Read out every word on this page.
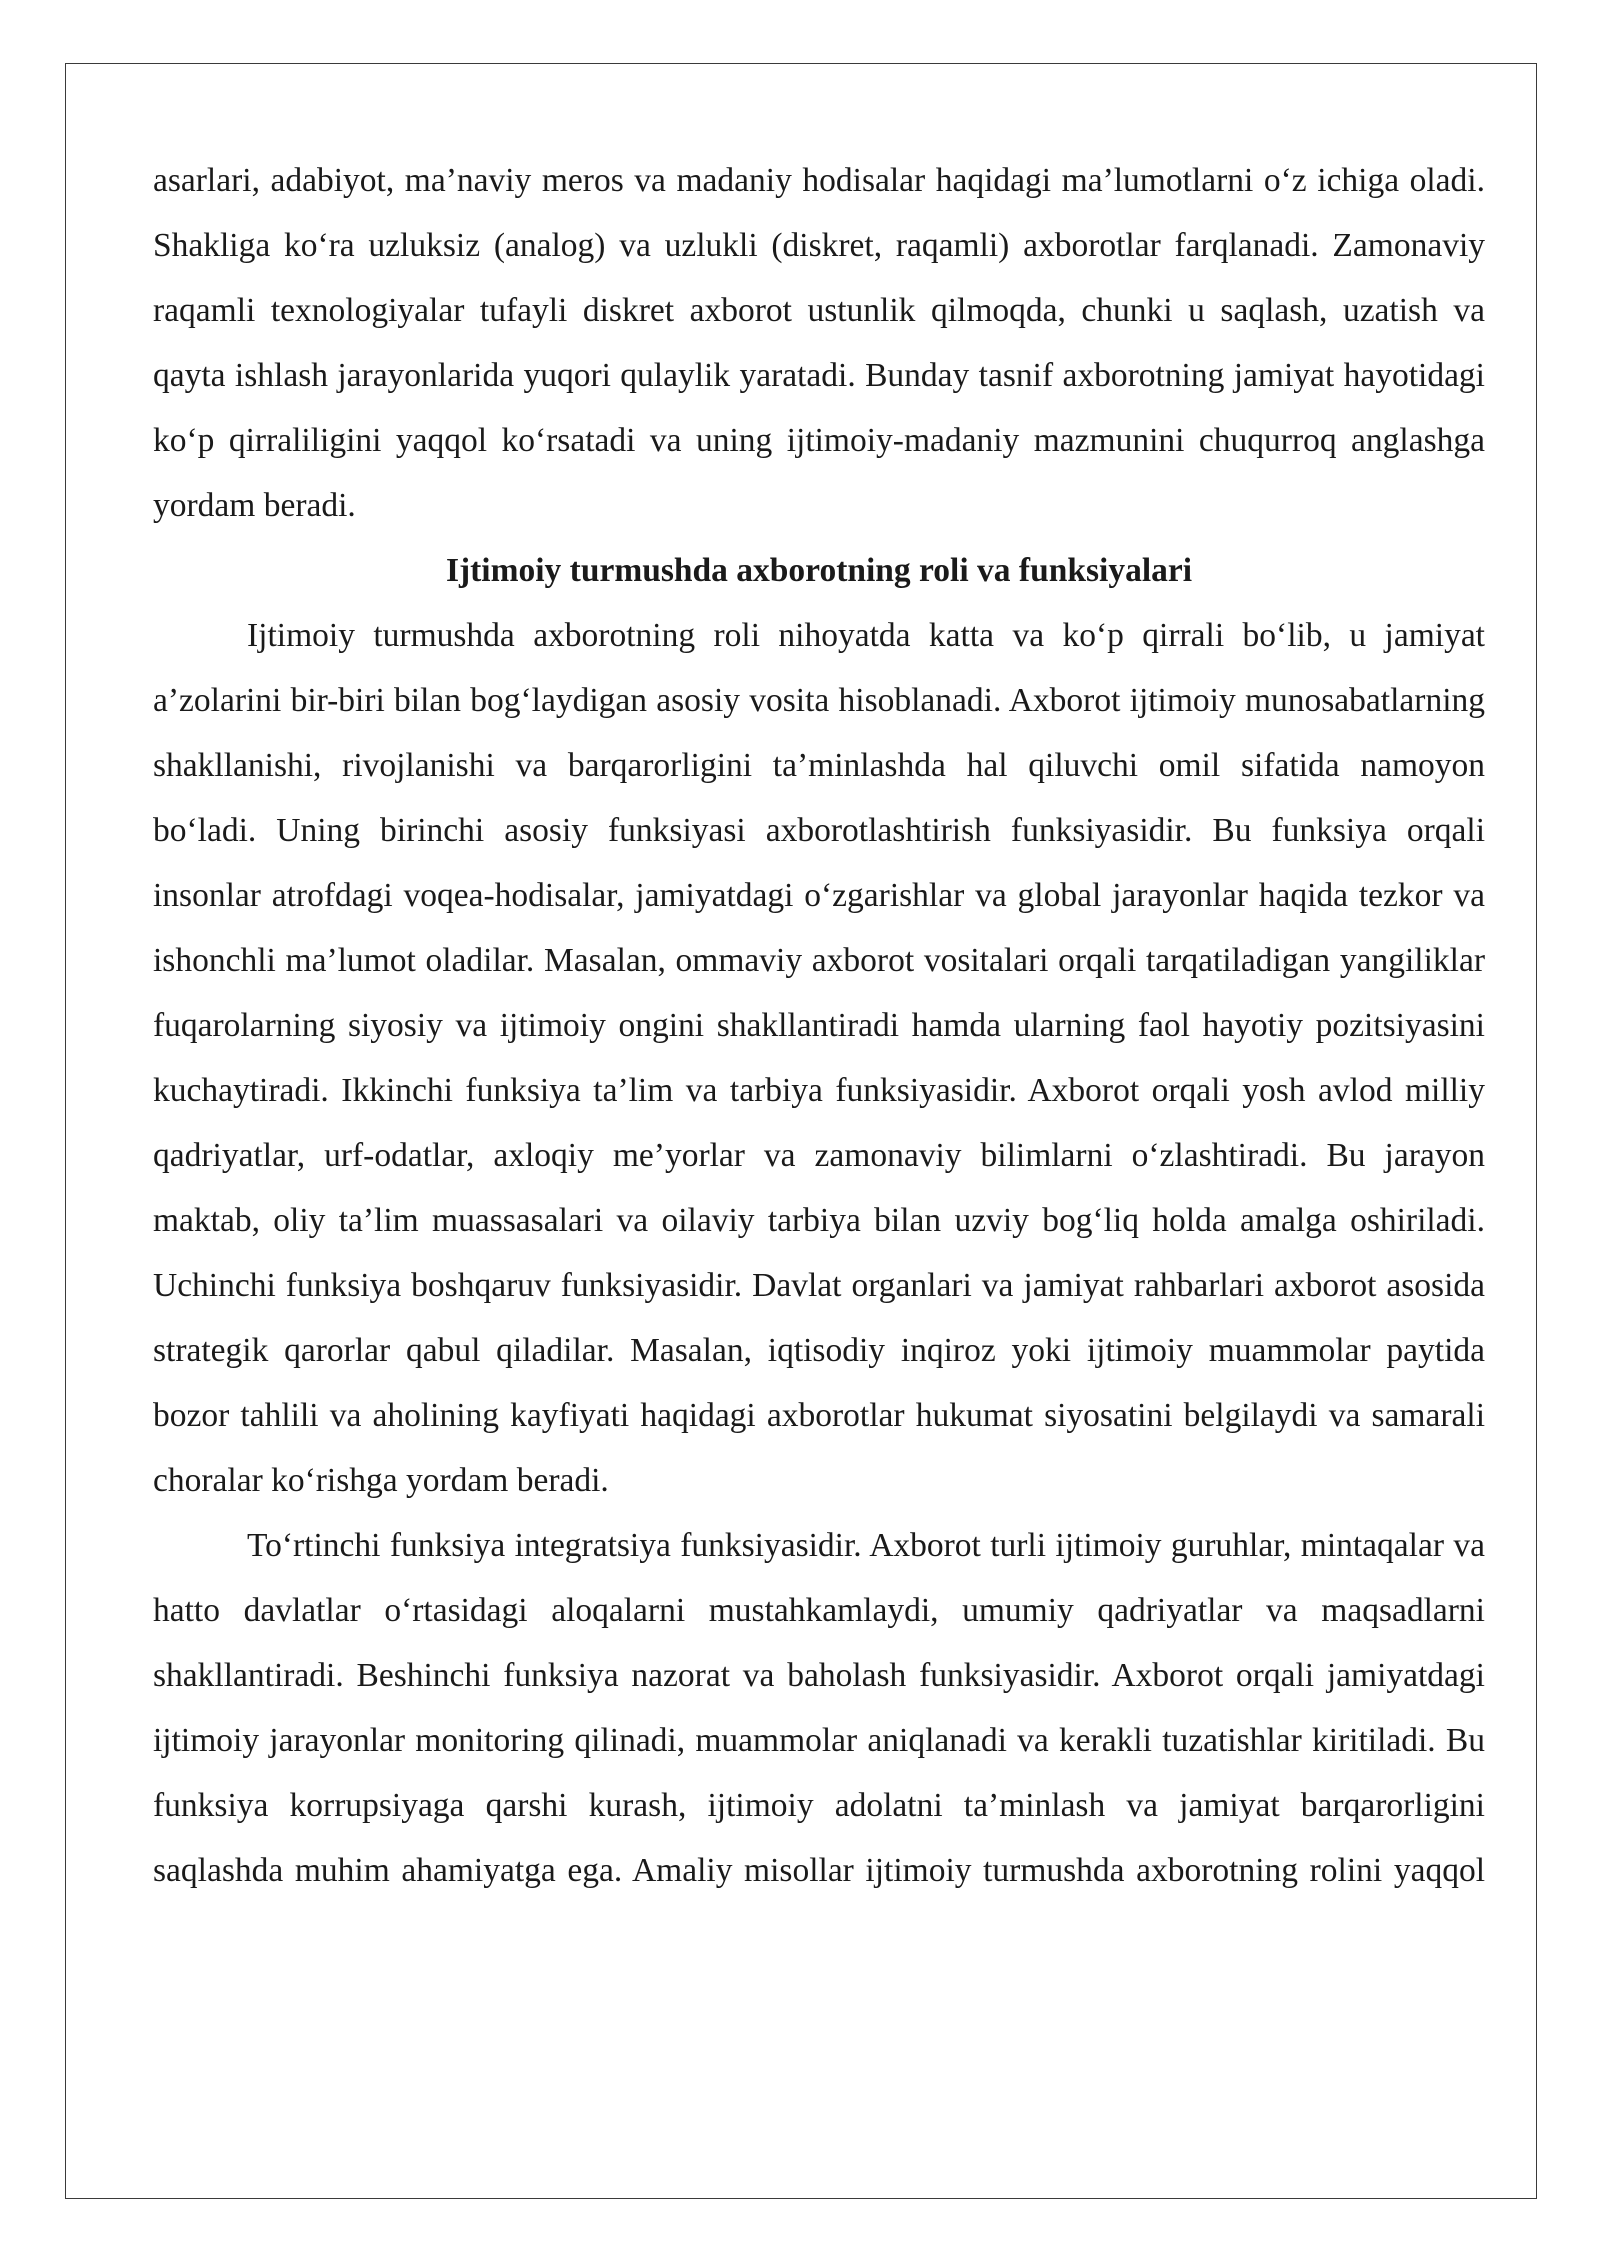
asarlari, adabiyot, ma’naviy meros va madaniy hodisalar haqidagi ma’lumotlarni o‘z ichiga oladi. Shakliga ko‘ra uzluksiz (analog) va uzlukli (diskret, raqamli) axborotlar farqlanadi. Zamonaviy raqamli texnologiyalar tufayli diskret axborot ustunlik qilmoqda, chunki u saqlash, uzatish va qayta ishlash jarayonlarida yuqori qulaylik yaratadi. Bunday tasnif axborotning jamiyat hayotidagi ko‘p qirraliligini yaqqol ko‘rsatadi va uning ijtimoiy-madaniy mazmunini chuqurroq anglashga yordam beradi.

Ijtimoiy turmushda axborotning roli va funksiyalari

Ijtimoiy turmushda axborotning roli nihoyatda katta va ko‘p qirrali bo‘lib, u jamiyat a’zolarini bir-biri bilan bog‘laydigan asosiy vosita hisoblanadi. Axborot ijtimoiy munosabatlarning shakllanishi, rivojlanishi va barqarorligini ta’minlashda hal qiluvchi omil sifatida namoyon bo‘ladi. Uning birinchi asosiy funksiyasi axborotlashtirish funksiyasidir. Bu funksiya orqali insonlar atrofdagi voqea-hodisalar, jamiyatdagi o‘zgarishlar va global jarayonlar haqida tezkor va ishonchli ma’lumot oladilar. Masalan, ommaviy axborot vositalari orqali tarqatiladigan yangiliklar fuqarolarning siyosiy va ijtimoiy ongini shakllantiradi hamda ularning faol hayotiy pozitsiyasini kuchaytiradi. Ikkinchi funksiya ta’lim va tarbiya funksiyasidir. Axborot orqali yosh avlod milliy qadriyatlar, urf-odatlar, axloqiy me’yorlar va zamonaviy bilimlarni o‘zlashtiradi. Bu jarayon maktab, oliy ta’lim muassasalari va oilaviy tarbiya bilan uzviy bog‘liq holda amalga oshiriladi. Uchinchi funksiya boshqaruv funksiyasidir. Davlat organlari va jamiyat rahbarlari axborot asosida strategik qarorlar qabul qiladilar. Masalan, iqtisodiy inqiroz yoki ijtimoiy muammolar paytida bozor tahlili va aholining kayfiyati haqidagi axborotlar hukumat siyosatini belgilaydi va samarali choralar ko‘rishga yordam beradi.

To‘rtinchi funksiya integratsiya funksiyasidir. Axborot turli ijtimoiy guruhlar, mintaqalar va hatto davlatlar o‘rtasidagi aloqalarni mustahkamlaydi, umumiy qadriyatlar va maqsadlarni shakllantiradi. Beshinchi funksiya nazorat va baholash funksiyasidir. Axborot orqali jamiyatdagi ijtimoiy jarayonlar monitoring qilinadi, muammolar aniqlanadi va kerakli tuzatishlar kiritiladi. Bu funksiya korrupsiyaga qarshi kurash, ijtimoiy adolatni ta’minlash va jamiyat barqarorligini saqlashda muhim ahamiyatga ega. Amaliy misollar ijtimoiy turmushda axborotning rolini yaqqol
